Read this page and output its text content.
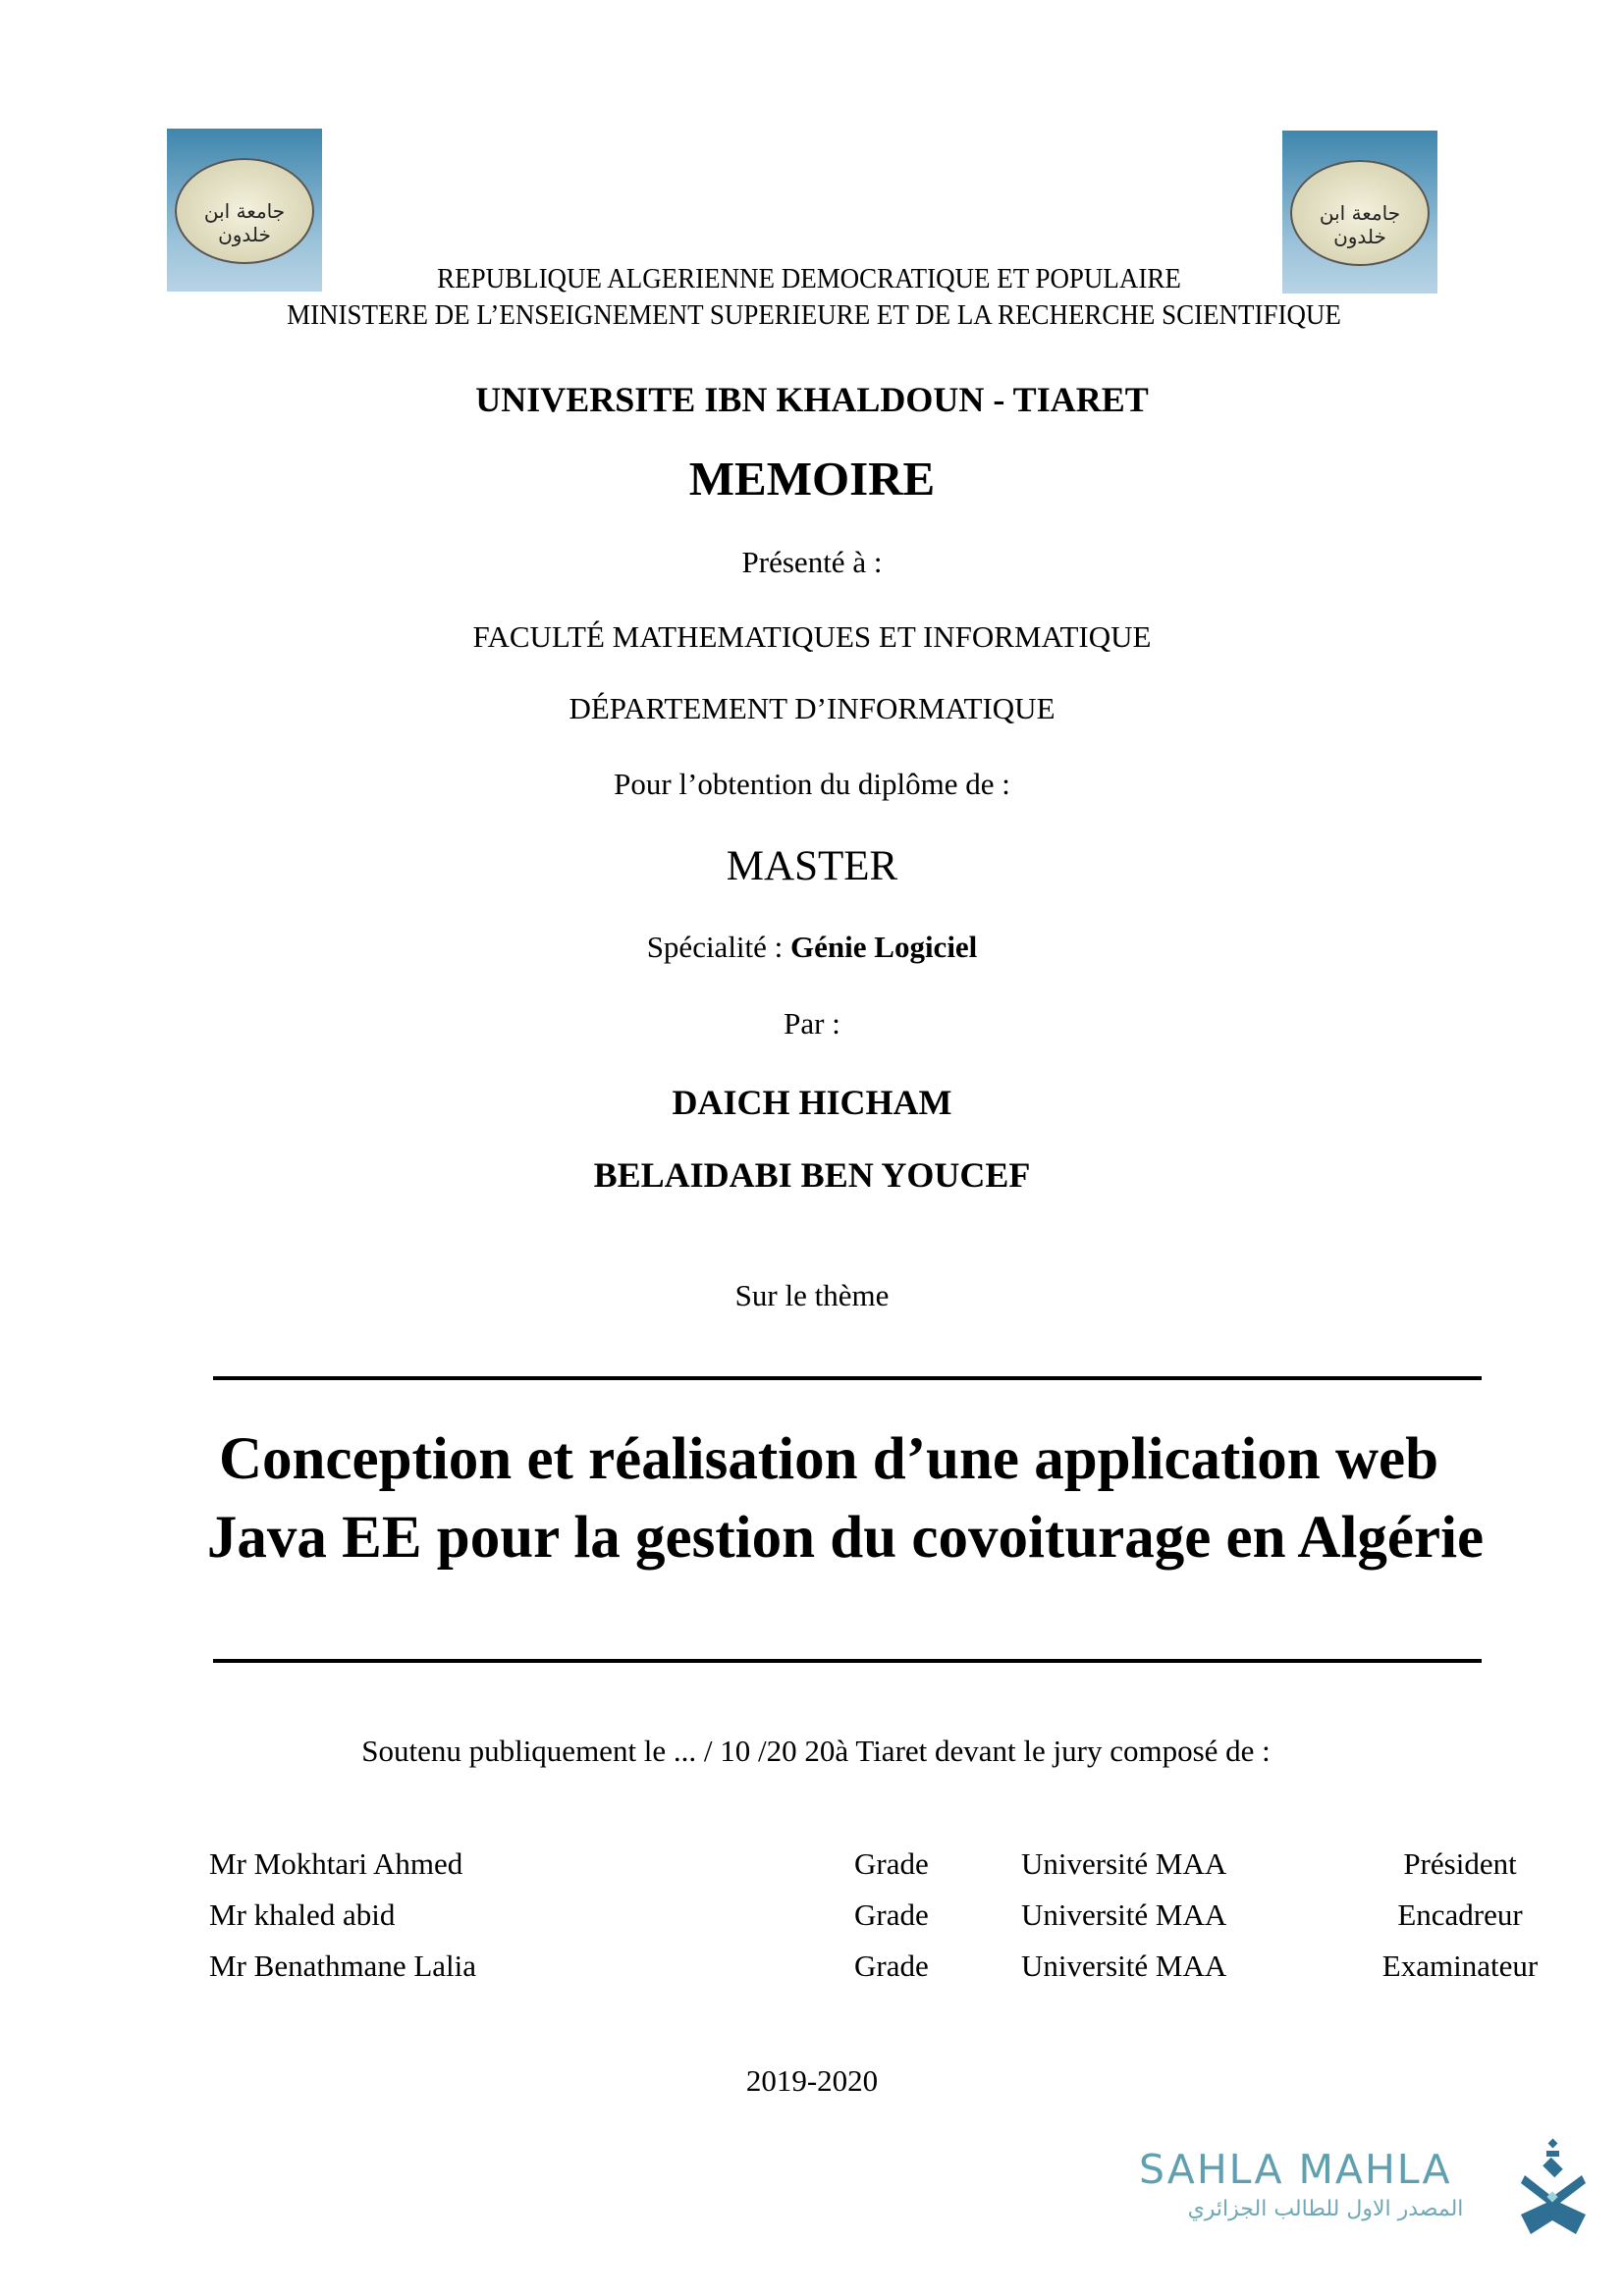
جامعة ابن خلدون
جامعة ابن خلدون
REPUBLIQUE ALGERIENNE DEMOCRATIQUE ET POPULAIRE
MINISTERE DE L’ENSEIGNEMENT SUPERIEURE ET DE LA RECHERCHE SCIENTIFIQUE
UNIVERSITE IBN KHALDOUN - TIARET
MEMOIRE
Présenté à :
FACULTÉ MATHEMATIQUES ET INFORMATIQUE
DÉPARTEMENT D’INFORMATIQUE
Pour l’obtention du diplôme de :
MASTER
Spécialité : Génie Logiciel
Par :
DAICH HICHAM
BELAIDABI BEN YOUCEF
Sur le thème
Conception et réalisation d’une application web
Java EE pour la gestion du covoiturage en Algérie
Soutenu publiquement le ... / 10 /20 20à Tiaret devant le jury composé de :
Mr Mokhtari Ahmed	Grade	Université MAA	Président
Mr khaled abid	Grade	Université MAA	Encadreur
Mr Benathmane Lalia	Grade	Université MAA	Examinateur
2019-2020
SAHLA MAHLA
المصدر الاول للطالب الجزائري
